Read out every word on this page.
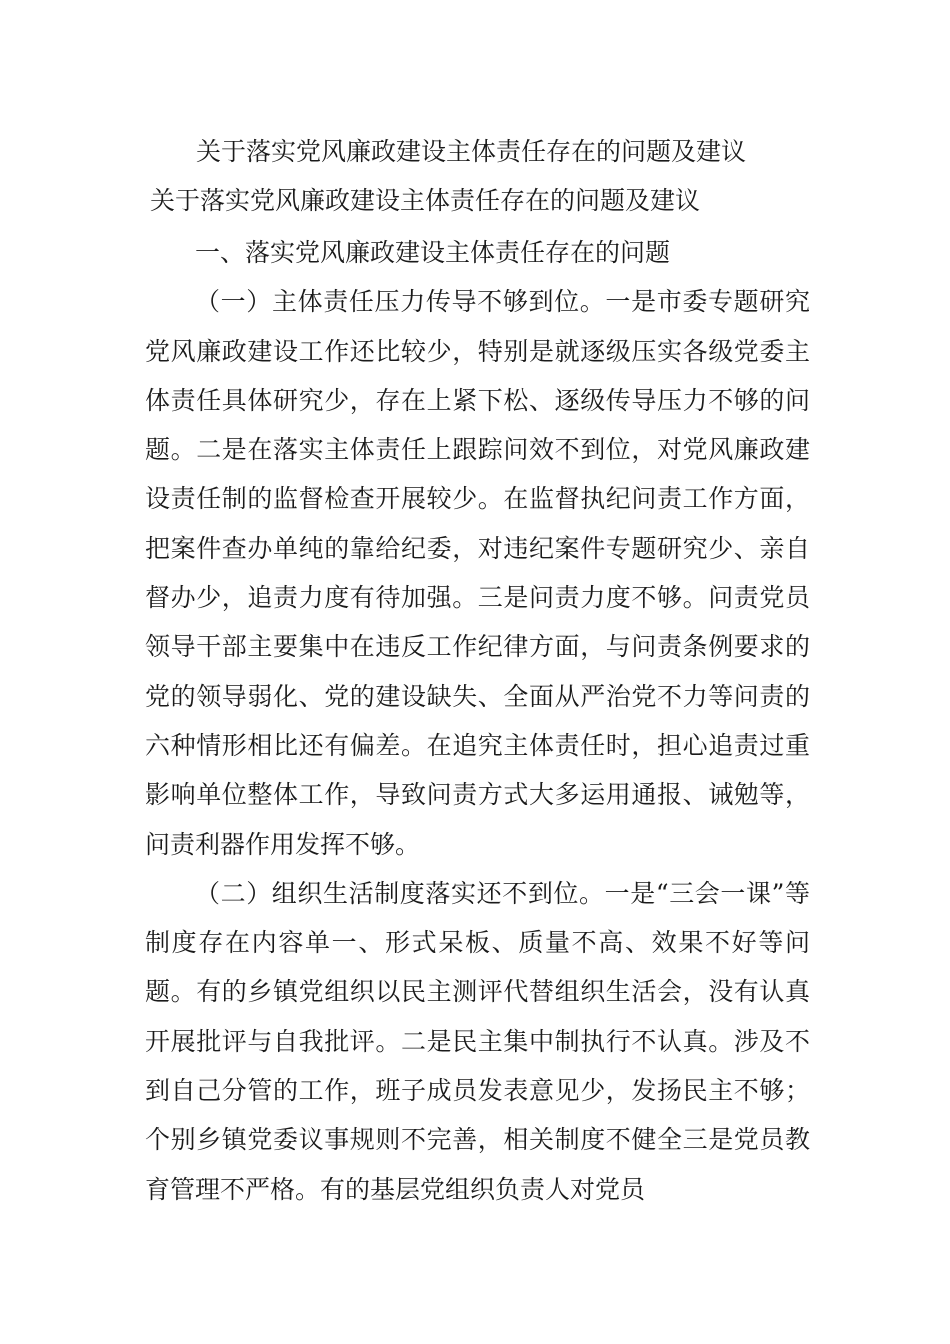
关于落实党风廉政建设主体责任存在的问题及建议
关于落实党风廉政建设主体责任存在的问题及建议

一、落实党风廉政建设主体责任存在的问题

（一）主体责任压力传导不够到位。一是市委专题研究党风廉政建设工作还比较少，特别是就逐级压实各级党委主体责任具体研究少，存在上紧下松、逐级传导压力不够的问题。二是在落实主体责任上跟踪问效不到位，对党风廉政建设责任制的监督检查开展较少。在监督执纪问责工作方面，把案件查办单纯的靠给纪委，对违纪案件专题研究少、亲自督办少，追责力度有待加强。三是问责力度不够。问责党员领导干部主要集中在违反工作纪律方面，与问责条例要求的党的领导弱化、党的建设缺失、全面从严治党不力等问责的六种情形相比还有偏差。在追究主体责任时，担心追责过重影响单位整体工作，导致问责方式大多运用通报、诫勉等，问责利器作用发挥不够。

（二）组织生活制度落实还不到位。一是“三会一课”等制度存在内容单一、形式呆板、质量不高、效果不好等问题。有的乡镇党组织以民主测评代替组织生活会，没有认真开展批评与自我批评。二是民主集中制执行不认真。涉及不到自己分管的工作，班子成员发表意见少，发扬民主不够；个别乡镇党委议事规则不完善，相关制度不健全三是党员教育管理不严格。有的基层党组织负责人对党员
